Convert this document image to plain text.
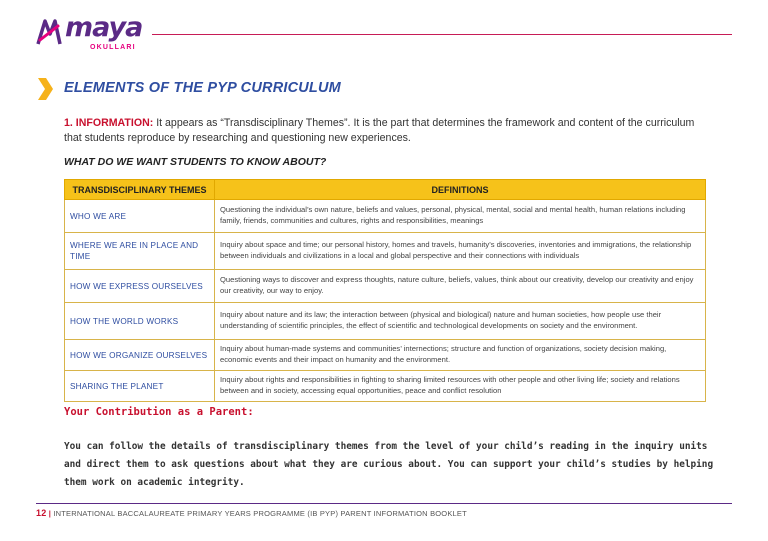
maya
OKULLARI
ELEMENTS OF THE PYP CURRICULUM

1. INFORMATION: It appears as “Transdisciplinary Themes”. It is the part that determines the framework and content of the curriculum that students reproduce by researching and questioning new experiences.

WHAT DO WE WANT STUDENTS TO KNOW ABOUT?
TRANSDISCIPLINARY THEMES	DEFINITIONS
WHO WE ARE	Questioning the individual’s own nature, beliefs and values, personal, physical, mental, social and mental health, human relations including family, friends, communities and cultures, rights and responsibilities, meanings
WHERE WE ARE IN PLACE AND TIME	Inquiry about space and time; our personal history, homes and travels, humanity’s discoveries, inventories and immigrations, the relationship between individuals and civilizations in a local and global perspective and their connections with individuals
HOW WE EXPRESS OURSELVES	Questioning ways to discover and express thoughts, nature culture, beliefs, values, think about our creativity, develop our creativity and enjoy our creativity, our way to enjoy.
HOW THE WORLD WORKS	Inquiry about nature and its law; the interaction between (physical and biological) nature and human societies, how people use their understanding of scientific principles, the effect of scientific and technological developments on society and the environment.
HOW WE ORGANIZE OURSELVES	Inquiry about human-made systems and communities’ internections; structure and function of organizations, society decision making, economic events and their impact on humanity and the environment.
SHARING THE PLANET	Inquiry about rights and responsibilities in fighting to sharing limited resources with other people and other living life; society and relations between and in society, accessing equal opportunities, peace and conflict resolution
Your Contribution as a Parent:

You can follow the details of transdisciplinary themes from the level of your child’s reading in the inquiry units and direct them to ask questions about what they are curious about. You can support your child’s studies by helping them work on academic integrity.

12 | INTERNATIONAL BACCALAUREATE PRIMARY YEARS PROGRAMME (IB PYP) PARENT INFORMATION BOOKLET
